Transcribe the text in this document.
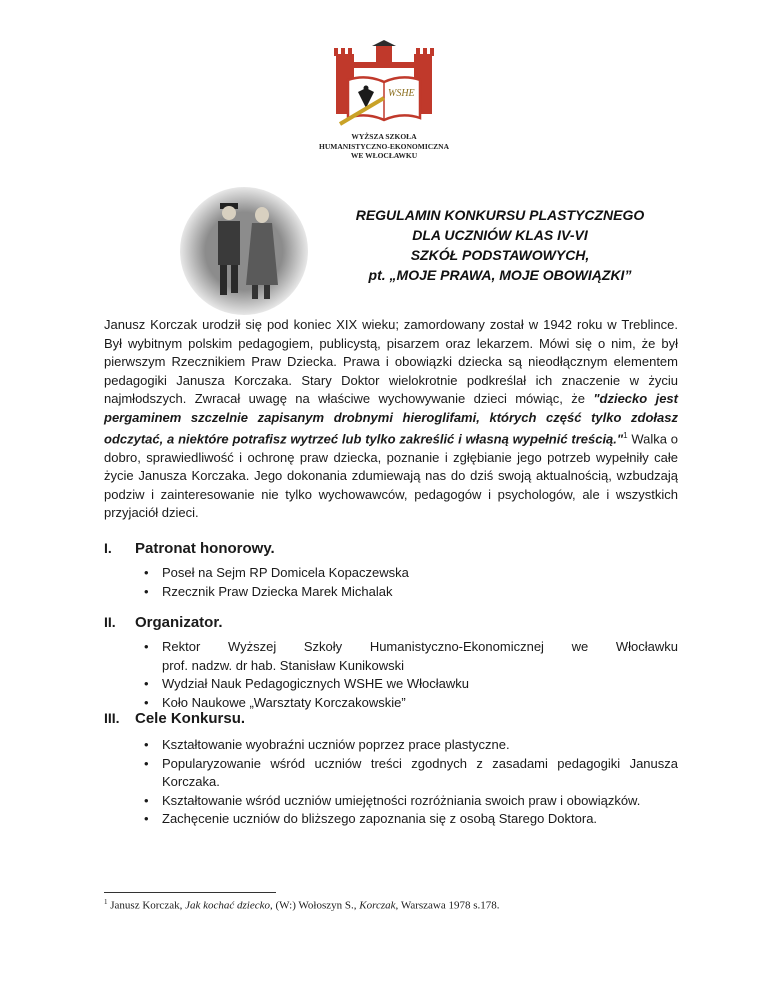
WSHE
WYŻSZA SZKOŁA
HUMANISTYCZNO-EKONOMICZNA
WE WŁOCŁAWKU
REGULAMIN KONKURSU PLASTYCZNEGO
DLA UCZNIÓW KLAS IV-VI
SZKÓŁ PODSTAWOWYCH,
pt. „MOJE PRAWA, MOJE OBOWIĄZKI”
Janusz Korczak urodził się pod koniec XIX wieku; zamordowany został w 1942 roku w Treblince. Był wybitnym polskim pedagogiem, publicystą, pisarzem oraz lekarzem. Mówi się o nim, że był pierwszym Rzecznikiem Praw Dziecka. Prawa i obowiązki dziecka są nieodłącznym elementem pedagogiki Janusza Korczaka. Stary Doktor wielokrotnie podkreślał ich znaczenie w życiu najmłodszych. Zwracał uwagę na właściwe wychowywanie dzieci mówiąc, że "dziecko jest pergaminem szczelnie zapisanym drobnymi hieroglifami, których część tylko zdołasz odczytać, a niektóre potrafisz wytrzeć lub tylko zakreślić i własną wypełnić treścią."$^1$ Walka o dobro, sprawiedliwość i ochronę praw dziecka, poznanie i zgłębianie jego potrzeb wypełniły całe życie Janusza Korczaka. Jego dokonania zdumiewają nas do dziś swoją aktualnością, wzbudzają podziw i zainteresowanie nie tylko wychowawców, pedagogów i psychologów, ale i wszystkich przyjaciół dzieci.
I. Patronat honorowy.
• Poseł na Sejm RP Domicela Kopaczewska
• Rzecznik Praw Dziecka Marek Michalak
II. Organizator.
• Rektor Wyższej Szkoły Humanistyczno-Ekonomicznej we Włocławku
prof. nadzw. dr hab. Stanisław Kunikowski
• Wydział Nauk Pedagogicznych WSHE we Włocławku
• Koło Naukowe „Warsztaty Korczakowskie”
III. Cele Konkursu.
• Kształtowanie wyobraźni uczniów poprzez prace plastyczne.
• Popularyzowanie wśród uczniów treści zgodnych z zasadami pedagogiki Janusza Korczaka.
• Kształtowanie wśród uczniów umiejętności rozróżniania swoich praw i obowiązków.
• Zachęcenie uczniów do bliższego zapoznania się z osobą Starego Doktora.
$^1$ Janusz Korczak, Jak kochać dziecko, (W:) Wołoszyn S., Korczak, Warszawa 1978 s.178.
